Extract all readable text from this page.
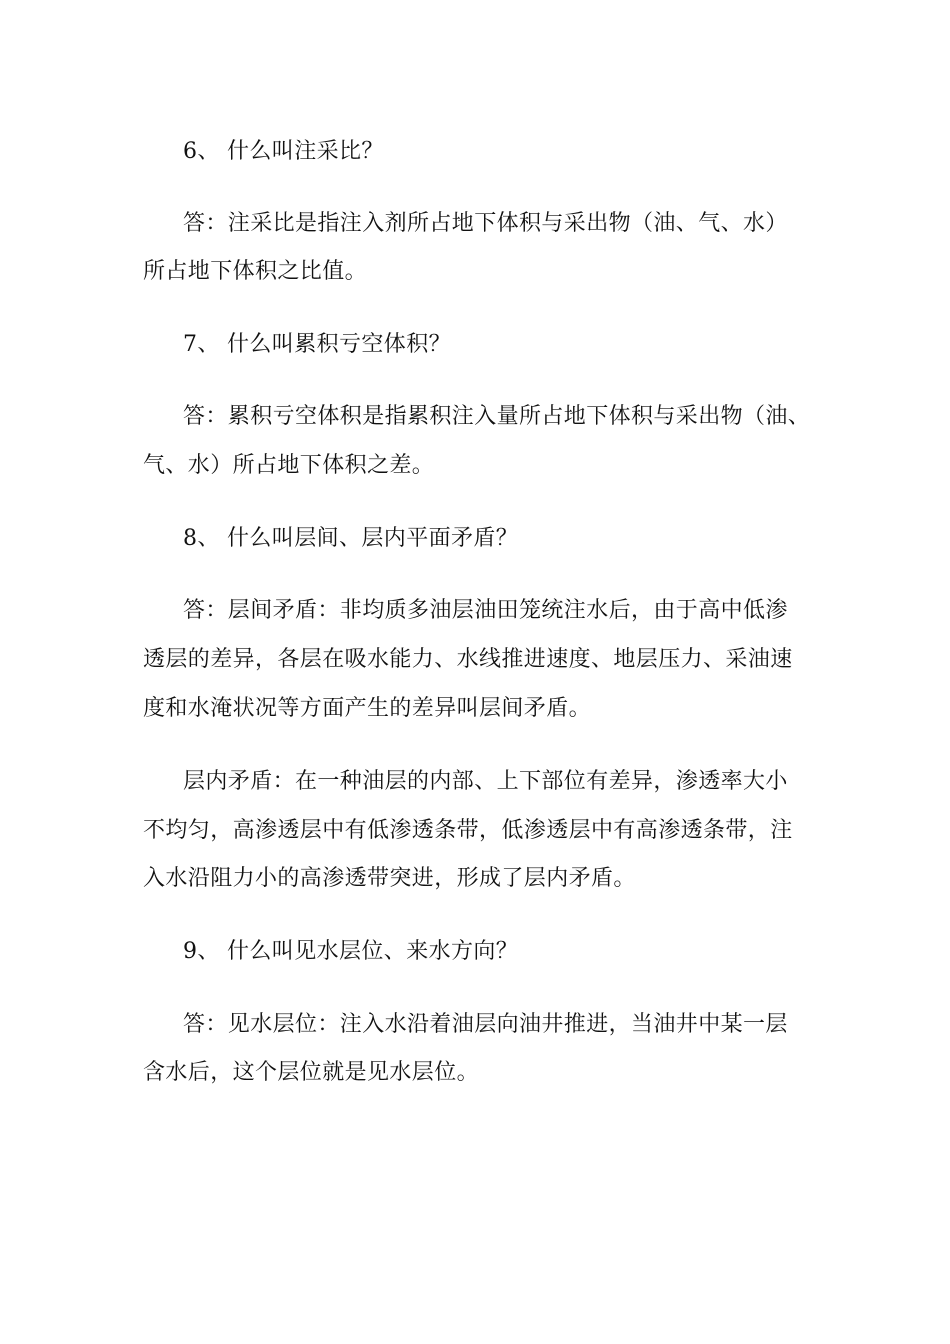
6、 什么叫注采比？
答：注采比是指注入剂所占地下体积与采出物（油、气、水）
所占地下体积之比值。
7、 什么叫累积亏空体积？
答：累积亏空体积是指累积注入量所占地下体积与采出物（油、
气、水）所占地下体积之差。
8、 什么叫层间、层内平面矛盾？
答：层间矛盾：非均质多油层油田笼统注水后，由于高中低渗
透层的差异，各层在吸水能力、水线推进速度、地层压力、采油速
度和水淹状况等方面产生的差异叫层间矛盾。
层内矛盾：在一种油层的内部、上下部位有差异，渗透率大小
不均匀，高渗透层中有低渗透条带，低渗透层中有高渗透条带，注
入水沿阻力小的高渗透带突进，形成了层内矛盾。
9、 什么叫见水层位、来水方向？
答：见水层位：注入水沿着油层向油井推进，当油井中某一层
含水后，这个层位就是见水层位。
